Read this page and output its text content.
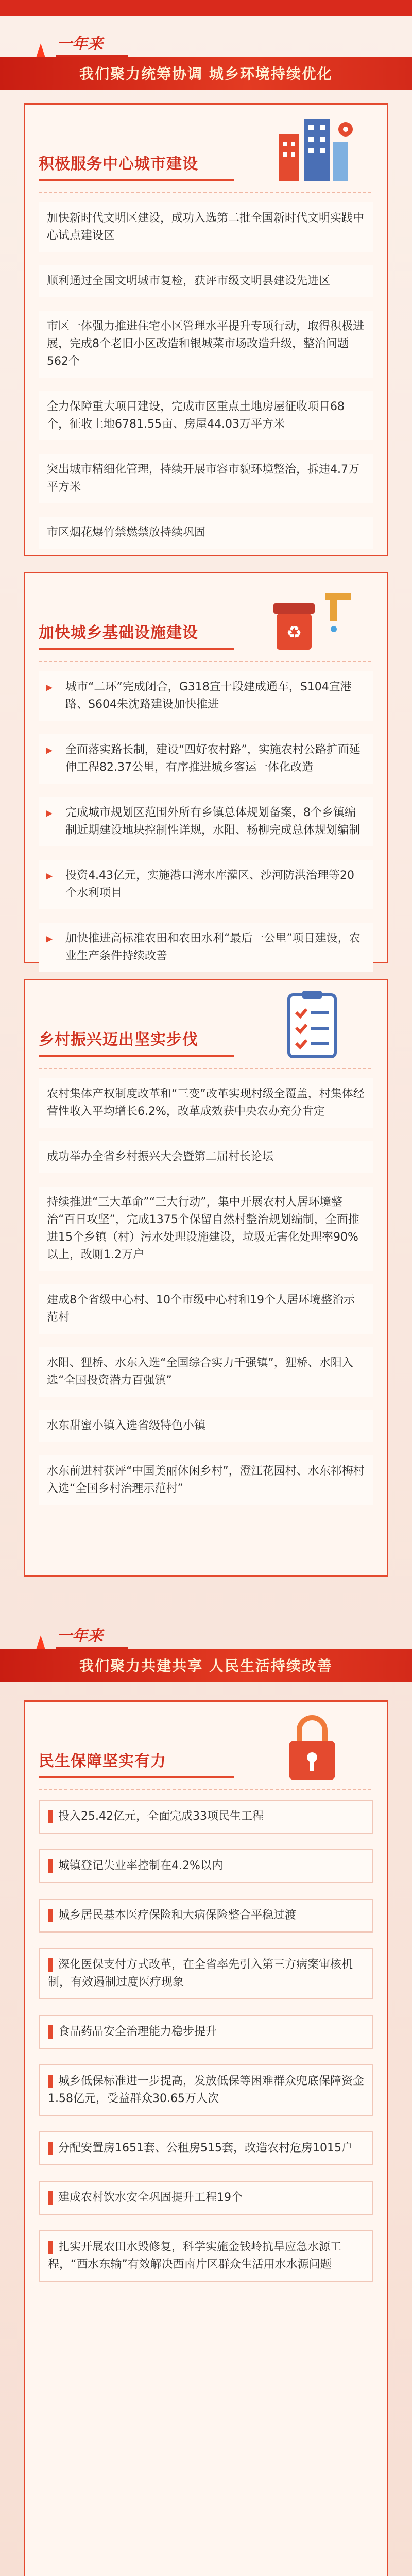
一年来
我们聚力统筹协调 城乡环境持续优化
积极服务中心城市建设
加快新时代文明区建设，成功入选第二批全国新时代文明实践中心试点建设区
顺利通过全国文明城市复检，获评市级文明县建设先进区
市区一体强力推进住宅小区管理水平提升专项行动，取得积极进展，完成8个老旧小区改造和银城菜市场改造升级，整治问题562个
全力保障重大项目建设，完成市区重点土地房屋征收项目68个，征收土地6781.55亩、房屋44.03万平方米
突出城市精细化管理，持续开展市容市貌环境整治，拆违4.7万平方米
市区烟花爆竹禁燃禁放持续巩固
加快城乡基础设施建设	♻
▸ 城市“二环”完成闭合，G318宣十段建成通车，S104宣港路、S604朱沈路建设加快推进
▸ 全面落实路长制，建设“四好农村路”，实施农村公路扩面延伸工程82.37公里，有序推进城乡客运一体化改造
▸ 完成城市规划区范围外所有乡镇总体规划备案，8个乡镇编制近期建设地块控制性详规，水阳、杨柳完成总体规划编制
▸ 投资4.43亿元，实施港口湾水库灌区、沙河防洪治理等20个水利项目
▸ 加快推进高标准农田和农田水利“最后一公里”项目建设，农业生产条件持续改善
乡村振兴迈出坚实步伐
农村集体产权制度改革和“三变”改革实现村级全覆盖，村集体经营性收入平均增长6.2%，改革成效获中央农办充分肯定
成功举办全省乡村振兴大会暨第二届村长论坛
持续推进“三大革命”“三大行动”，集中开展农村人居环境整治“百日攻坚”，完成1375个保留自然村整治规划编制，全面推进15个乡镇（村）污水处理设施建设，垃圾无害化处理率90%以上，改厕1.2万户
建成8个省级中心村、10个市级中心村和19个人居环境整治示范村
水阳、狸桥、水东入选“全国综合实力千强镇”，狸桥、水阳入选“全国投资潜力百强镇”
水东甜蜜小镇入选省级特色小镇
水东前进村获评“中国美丽休闲乡村”，澄江花园村、水东祁梅村入选“全国乡村治理示范村”
一年来
我们聚力共建共享 人民生活持续改善
民生保障坚实有力
投入25.42亿元，全面完成33项民生工程
城镇登记失业率控制在4.2%以内
城乡居民基本医疗保险和大病保险整合平稳过渡
深化医保支付方式改革，在全省率先引入第三方病案审核机制，有效遏制过度医疗现象
食品药品安全治理能力稳步提升
城乡低保标准进一步提高，发放低保等困难群众兜底保障资金1.58亿元，受益群众30.65万人次
分配安置房1651套、公租房515套，改造农村危房1015户
建成农村饮水安全巩固提升工程19个
扎实开展农田水毁修复，科学实施金钱岭抗旱应急水源工程，“西水东输”有效解决西南片区群众生活用水水源问题
